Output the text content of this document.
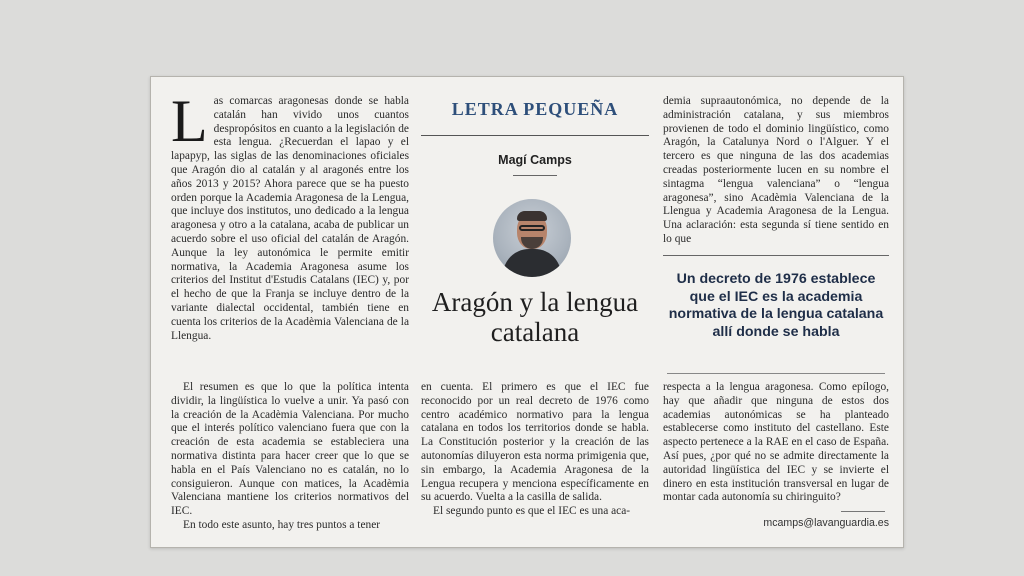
Las comarcas aragonesas donde se habla catalán han vivido unos cuantos despropósitos en cuanto a la legislación de esta lengua. ¿Recuerdan el lapao y el lapapyp, las siglas de las denominaciones oficiales que Aragón dio al catalán y al aragonés entre los años 2013 y 2015? Ahora parece que se ha puesto orden porque la Academia Aragonesa de la Lengua, que incluye dos institutos, uno dedicado a la lengua aragonesa y otro a la catalana, acaba de publicar un acuerdo sobre el uso oficial del catalán de Aragón. Aunque la ley autonómica le permite emitir normativa, la Academia Aragonesa asume los criterios del Institut d'Estudis Catalans (IEC) y, por el hecho de que la Franja se incluye dentro de la variante dialectal occidental, también tiene en cuenta los criterios de la Acadèmia Valenciana de la Llengua.

El resumen es que lo que la política intenta dividir, la lingüística lo vuelve a unir. Ya pasó con la creación de la Acadèmia Valenciana. Por mucho que el interés político valenciano fuera que con la creación de esta academia se estableciera una normativa distinta para hacer creer que lo que se habla en el País Valenciano no es catalán, no lo consiguieron. Aunque con matices, la Acadèmia Valenciana mantiene los criterios normativos del IEC.

En todo este asunto, hay tres puntos a tener

LETRA PEQUEÑA
Magí Camps
Aragón y la lengua catalana

en cuenta. El primero es que el IEC fue reconocido por un real decreto de 1976 como centro académico normativo para la lengua catalana en todos los territorios donde se habla. La Constitución posterior y la creación de las autonomías diluyeron esta norma primigenia que, sin embargo, la Academia Aragonesa de la Lengua recupera y menciona específicamente en su acuerdo. Vuelta a la casilla de salida.

El segundo punto es que el IEC es una aca-

demia supraautonómica, no depende de la administración catalana, y sus miembros provienen de todo el dominio lingüístico, como Aragón, la Catalunya Nord o l'Alguer. Y el tercero es que ninguna de las dos academias creadas posteriormente lucen en su nombre el sintagma “lengua valenciana” o “lengua aragonesa”, sino Acadèmia Valenciana de la Llengua y Academia Aragonesa de la Lengua. Una aclaración: esta segunda sí tiene sentido en lo que

Un decreto de 1976 establece que el IEC es la academia normativa de la lengua catalana allí donde se habla

respecta a la lengua aragonesa. Como epílogo, hay que añadir que ninguna de estos dos academias autonómicas se ha planteado establecerse como instituto del castellano. Este aspecto pertenece a la RAE en el caso de España. Así pues, ¿por qué no se admite directamente la autoridad lingüística del IEC y se invierte el dinero en esta institución transversal en lugar de montar cada autonomía su chiringuito?

mcamps@lavanguardia.es
